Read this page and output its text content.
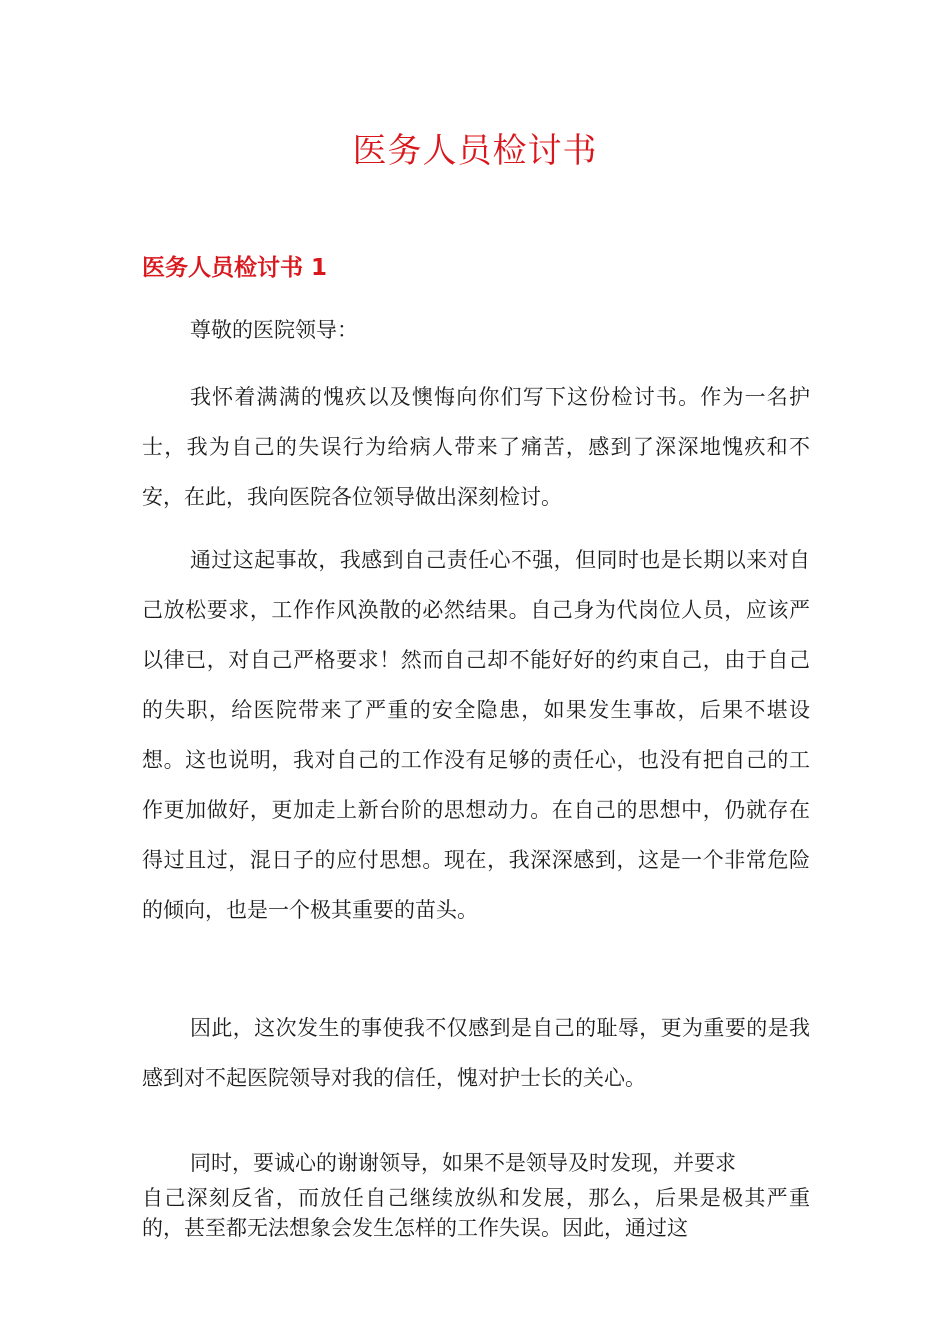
医务人员检讨书
医务人员检讨书 1

尊敬的医院领导：

我怀着满满的愧疚以及懊悔向你们写下这份检讨书。作为一名护士，我为自己的失误行为给病人带来了痛苦，感到了深深地愧疚和不安，在此，我向医院各位领导做出深刻检讨。

通过这起事故，我感到自己责任心不强，但同时也是长期以来对自己放松要求，工作作风涣散的必然结果。自己身为代岗位人员，应该严以律已，对自己严格要求！然而自己却不能好好的约束自己，由于自己的失职，给医院带来了严重的安全隐患，如果发生事故，后果不堪设想。这也说明，我对自己的工作没有足够的责任心，也没有把自己的工作更加做好，更加走上新台阶的思想动力。在自己的思想中，仍就存在得过且过，混日子的应付思想。现在，我深深感到，这是一个非常危险的倾向，也是一个极其重要的苗头。

因此，这次发生的事使我不仅感到是自己的耻辱，更为重要的是我感到对不起医院领导对我的信任，愧对护士长的关心。

同时，要诚心的谢谢领导，如果不是领导及时发现，并要求

自己深刻反省，而放任自己继续放纵和发展，那么，后果是极其严重的，甚至都无法想象会发生怎样的工作失误。因此，通过这
